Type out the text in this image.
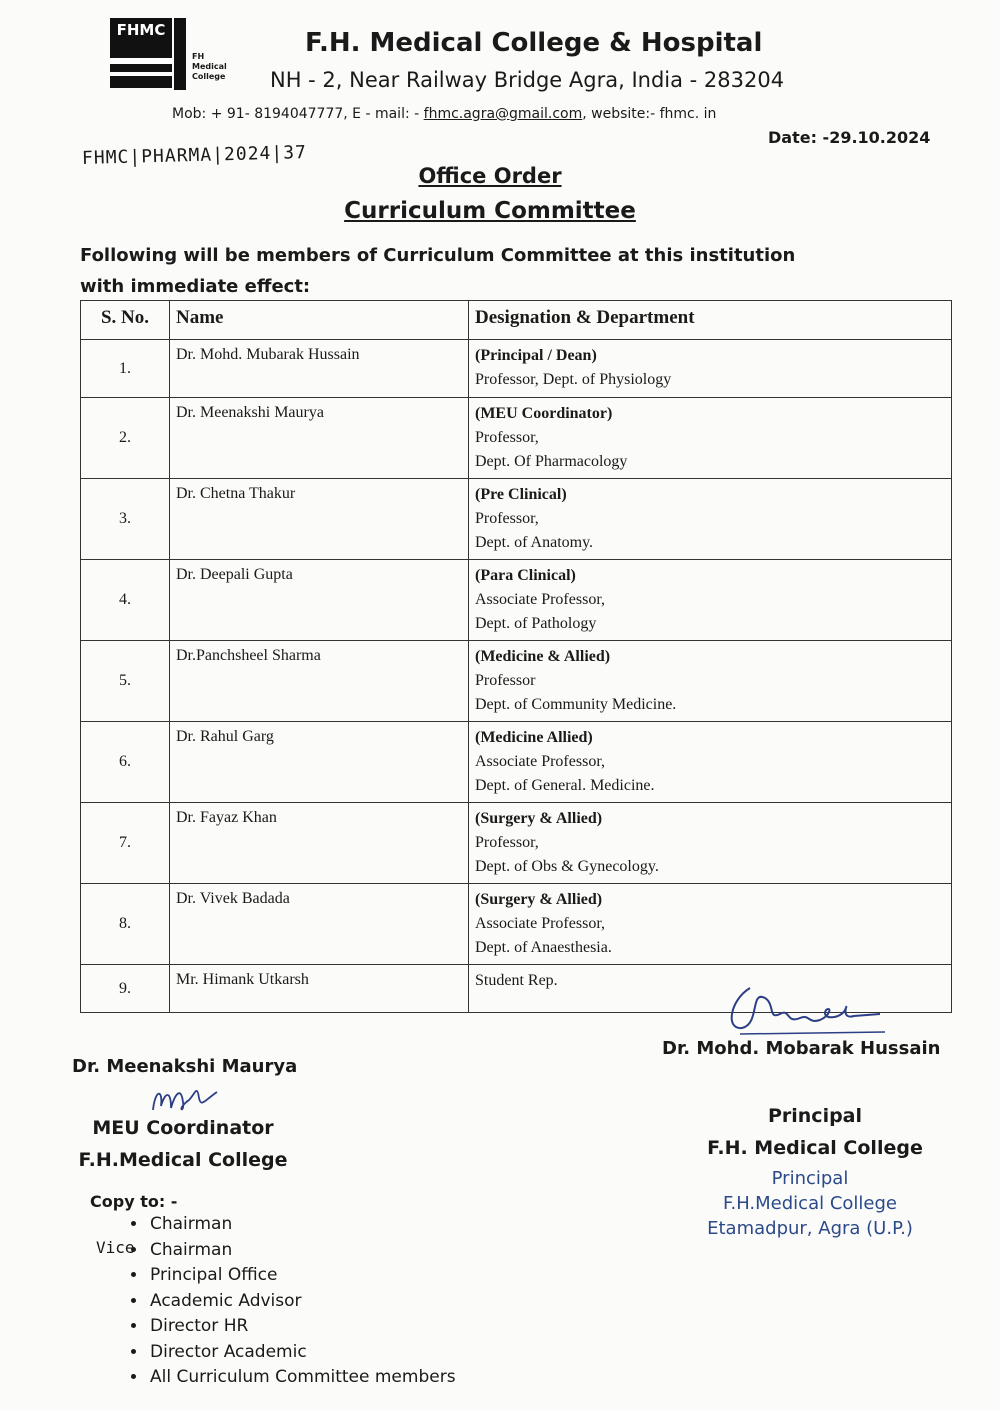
FHMC
FH
Medical
College
F.H. Medical College & Hospital
NH - 2, Near Railway Bridge Agra, India - 283204
Mob: + 91- 8194047777, E - mail: - fhmc.agra@gmail.com, website:- fhmc. in
Date: -29.10.2024
FHMC|PHARMA|2024|37
Office Order
Curriculum Committee
Following will be members of Curriculum Committee at this institution with immediate effect:
S. No.	Name	Designation & Department
1.	Dr. Mohd. Mubarak Hussain	(Principal / Dean)
Professor, Dept. of Physiology

2.	Dr. Meenakshi Maurya	(MEU Coordinator)
Professor,
Dept. Of Pharmacology

3.	Dr. Chetna Thakur	(Pre Clinical)
Professor,
Dept. of Anatomy.

4.	Dr. Deepali Gupta	(Para Clinical)
Associate Professor,
Dept. of Pathology

5.	Dr.Panchsheel Sharma	(Medicine & Allied)
Professor
Dept. of Community Medicine.

6.	Dr. Rahul Garg	(Medicine Allied)
Associate Professor,
Dept. of General. Medicine.

7.	Dr. Fayaz Khan	(Surgery & Allied)
Professor,
Dept. of Obs & Gynecology.

8.	Dr. Vivek Badada	(Surgery & Allied)
Associate Professor,
Dept. of Anaesthesia.

9.	Mr. Himank Utkarsh	Student Rep.
Dr. Mohd. Mobarak Hussain
Principal
F.H. Medical College
Principal
F.H.Medical College
Etamadpur, Agra (U.P.)
Dr. Meenakshi Maurya
MEU Coordinator
F.H.Medical College
Copy to: -
Vice
• Chairman
• Chairman
• Principal Office
• Academic Advisor
• Director HR
• Director Academic
• All Curriculum Committee members
